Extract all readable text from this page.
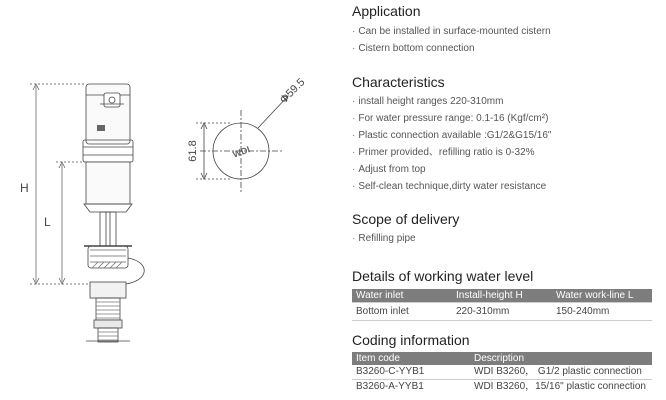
H
L
WDI
61.8
Φ59.5
Application
· Can be installed in surface-mounted cistern
· Cistern bottom connection
Characteristics
· install height ranges 220-310mm
· For water pressure range: 0.1-16 (Kgf/cm²)
· Plastic connection available :G1/2&G15/16"
· Primer provided、refilling ratio is 0-32%
· Adjust from top
· Self-clean technique,dirty water resistance
Scope of delivery
· Refilling pipe
Details of working water level
Water inlet	Install-height H	Water work-line L
Bottom inlet	220-310mm	150-240mm
Coding information
Item code	Description
B3260-C-YYB1	WDI B3260， G1/2 plastic connection
B3260-A-YYB1	WDI B3260，15/16" plastic connection
